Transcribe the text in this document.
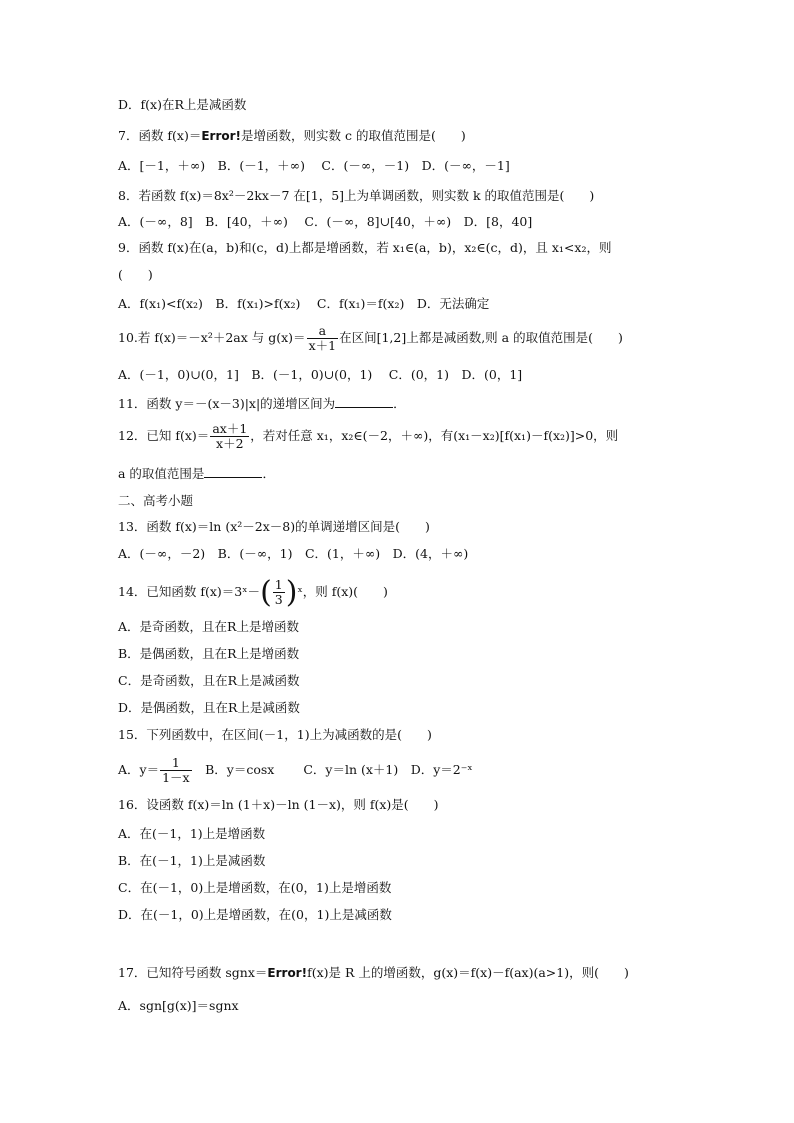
D．f(x)在R上是减函数
7．函数 f(x)＝Error!是增函数，则实数 c 的取值范围是(　　)
A．[－1，＋∞)　B．(－1，＋∞)　 C．(－∞，－1)　D．(－∞，－1]
8．若函数 f(x)＝8x²－2kx－7 在[1，5]上为单调函数，则实数 k 的取值范围是(　　)
A．(－∞，8]　B．[40，＋∞)　 C．(－∞，8]∪[40，＋∞)　D．[8，40]
9．函数 f(x)在(a，b)和(c，d)上都是增函数，若 x₁∈(a，b)，x₂∈(c，d)，且 x₁<x₂，则
(　　)
A．f(x₁)<f(x₂)　B．f(x₁)>f(x₂)　 C．f(x₁)＝f(x₂)　D．无法确定
10.若 f(x)＝－x²＋2ax 与 $g(x)= \frac{a}{x+1}$ 在区间[1,2]上都是减函数,则 a 的取值范围是(　　)
A．(－1，0)∪(0，1]　B．(－1，0)∪(0，1)　 C．(0，1)　D．(0，1]
11．函数 y＝－(x－3)|x|的递增区间为	．
12．已知 $f(x)= \frac{ax+1}{x+2}$ ，若对任意 x₁，x₂∈(－2，＋∞)，有(x₁－x₂)[f(x₁)－f(x₂)]>0，则
a 的取值范围是	．
二、高考小题
13．函数 f(x)＝ln (x²－2x－8)的单调递增区间是(　　)
A．(－∞，－2)　B．(－∞，1)　C．(1，＋∞)　D．(4，＋∞)
14．已知函数 f(x)＝3ˣ－( $\frac{1}{3}$ )ˣ，则 f(x)(　　)
A．是奇函数，且在R上是增函数
B．是偶函数，且在R上是增函数
C．是奇函数，且在R上是减函数
D．是偶函数，且在R上是减函数
15．下列函数中，在区间(－1，1)上为减函数的是(　　)
A．$y= \frac{1}{1-x}$ 　B．y＝cosx　　 C．y＝ln (x＋1)　D．y＝2⁻ˣ
16．设函数 f(x)＝ln (1＋x)－ln (1－x)，则 f(x)是(　　)
A．在(－1，1)上是增函数
B．在(－1，1)上是减函数
C．在(－1，0)上是增函数，在(0，1)上是增函数
D．在(－1，0)上是增函数，在(0，1)上是减函数
17．已知符号函数 sgnx＝Error!f(x)是 R 上的增函数，g(x)＝f(x)－f(ax)(a>1)，则(　　)
A．sgn[g(x)]＝sgnx
